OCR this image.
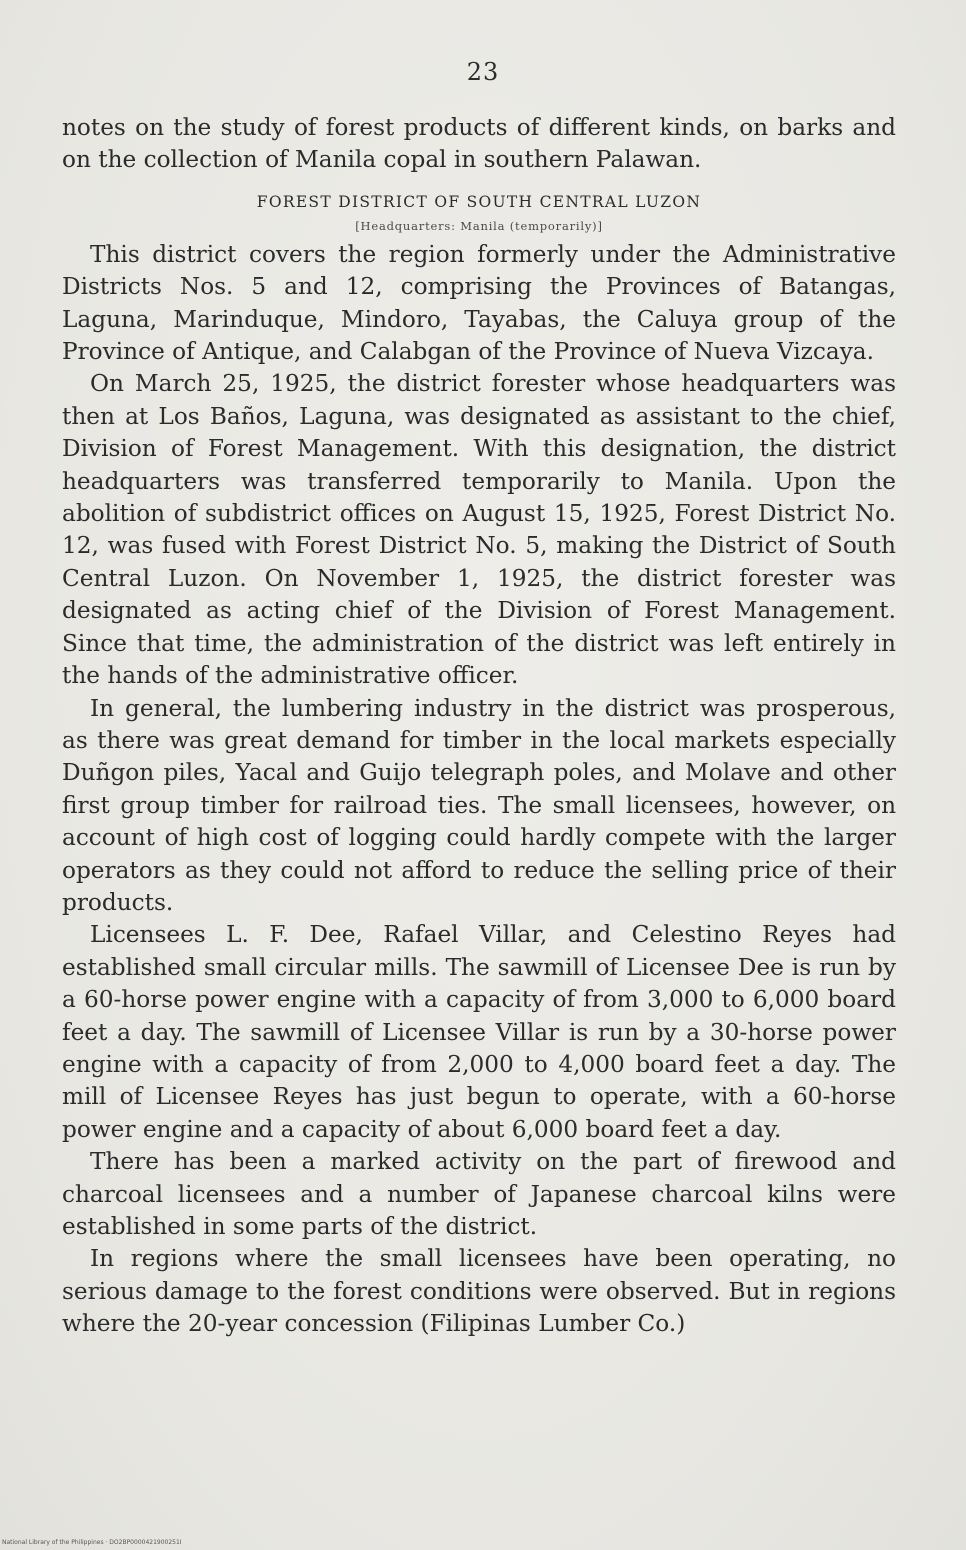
23

notes on the study of forest products of different kinds, on barks and on the collection of Manila copal in southern Palawan.

FOREST DISTRICT OF SOUTH CENTRAL LUZON
[Headquarters: Manila (temporarily)]

This district covers the region formerly under the Administrative Districts Nos. 5 and 12, comprising the Provinces of Batangas, Laguna, Marinduque, Mindoro, Tayabas, the Caluya group of the Province of Antique, and Calabgan of the Province of Nueva Vizcaya.

On March 25, 1925, the district forester whose headquarters was then at Los Baños, Laguna, was designated as assistant to the chief, Division of Forest Management. With this designation, the district headquarters was transferred temporarily to Manila. Upon the abolition of subdistrict offices on August 15, 1925, Forest District No. 12, was fused with Forest District No. 5, making the District of South Central Luzon. On November 1, 1925, the district forester was designated as acting chief of the Division of Forest Management. Since that time, the administration of the district was left entirely in the hands of the administrative officer.

In general, the lumbering industry in the district was prosperous, as there was great demand for timber in the local markets especially Duñgon piles, Yacal and Guijo telegraph poles, and Molave and other first group timber for railroad ties. The small licensees, however, on account of high cost of logging could hardly compete with the larger operators as they could not afford to reduce the selling price of their products.

Licensees L. F. Dee, Rafael Villar, and Celestino Reyes had established small circular mills. The sawmill of Licensee Dee is run by a 60-horse power engine with a capacity of from 3,000 to 6,000 board feet a day. The sawmill of Licensee Villar is run by a 30-horse power engine with a capacity of from 2,000 to 4,000 board feet a day. The mill of Licensee Reyes has just begun to operate, with a 60-horse power engine and a capacity of about 6,000 board feet a day.

There has been a marked activity on the part of firewood and charcoal licensees and a number of Japanese charcoal kilns were established in some parts of the district.

In regions where the small licensees have been operating, no serious damage to the forest conditions were observed. But in regions where the 20-year concession (Filipinas Lumber Co.)

National Library of the Philippines · DO2BP0000421900251I
